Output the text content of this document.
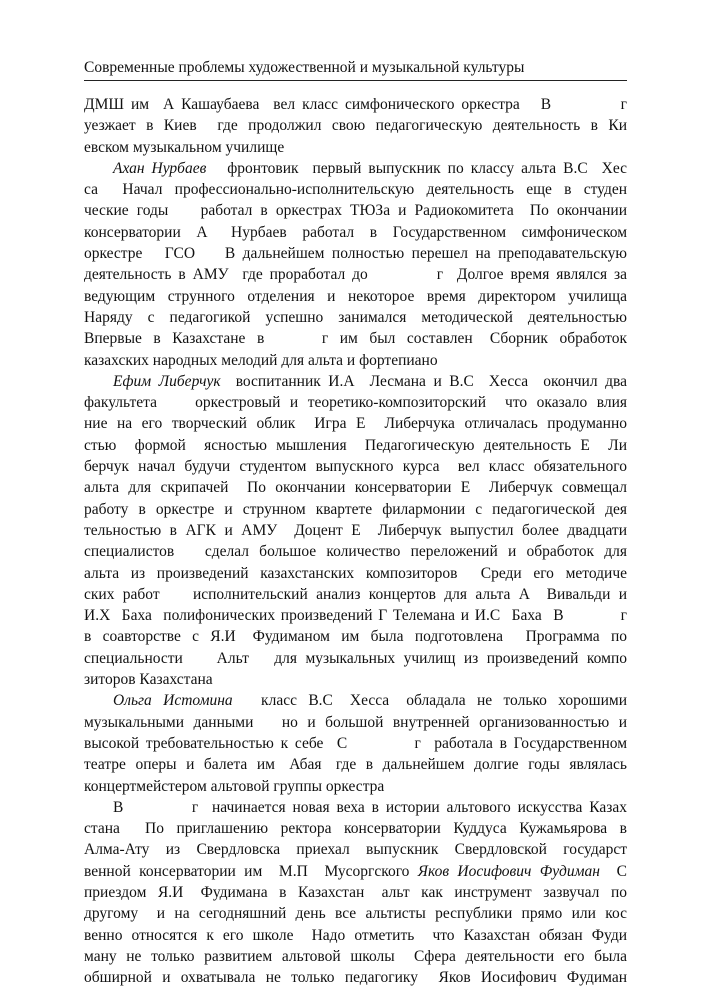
Современные проблемы художественной и музыкальной культуры
ДМШ им  А Кашаубаева  вел класс симфонического оркестра   В          г
уезжает в Киев  где продолжил свою педагогическую деятельность в Ки
евском музыкальном училище
Ахан Нурбаев   фронтовик  первый выпускник по классу альта В.С  Хес
са  Начал профессионально-исполнительскую деятельность еще в студен
ческие годы    работал в оркестрах ТЮЗа и Радиокомитета  По окончании
консерватории  А   Нурбаев  работал  в  Государственном  симфоническом
оркестре   ГСО    В дальнейшем полностью перешел на преподавательскую
деятельность в АМУ  где проработал до          г  Долгое время являлся за
ведующим струнного отделения и некоторое время директором училища
Наряду  с  педагогикой  успешно  занимался  методической  деятельностью
Впервые  в  Казахстане  в          г  им  был  составлен   Сборник  обработок
казахских народных мелодий для альта и фортепиано
Ефим Либерчук  воспитанник И.А  Лесмана и В.С  Хесса  окончил два
факультета    оркестровый и теоретико-композиторский  что оказало влия
ние на его творческий облик  Игра Е  Либерчука отличалась продуманно
стью  формой  ясностью мышления  Педагогическую деятельность Е  Ли
берчук начал будучи студентом выпускного курса  вел класс обязательного
альта для скрипачей  По окончании консерватории Е  Либерчук совмещал
работу в оркестре и струнном квартете филармонии с педагогической дея
тельностью в АГК и АМУ  Доцент Е  Либерчук выпустил более двадцати
специалистов   сделал большое количество переложений и обработок для
альта из произведений казахстанских композиторов  Среди его методиче
ских работ    исполнительский анализ концертов для альта А  Вивальди и
И.Х  Баха  полифонических произведений Г Телемана и И.С  Баха  В          г
в  соавторстве  с  Я.И   Фудиманом  им  была  подготовлена    Программа  по
специальности    Альт   для музыкальных училищ из произведений компо
зиторов Казахстана
Ольга  Истомина     класс  В.С   Хесса   обладала  не  только  хорошими
музыкальными данными   но и большой внутренней организованностью и
высокой требовательностью к себе  С          г  работала в Государственном
театре  оперы  и  балета  им   Абая   где  в  дальнейшем  долгие  годы  являлась
концертмейстером альтовой группы оркестра
В          г  начинается новая веха в истории альтового искусства Казах
стана  По приглашению ректора консерватории Куддуса Кужамьярова в
Алма-Ату  из  Свердловска  приехал  выпускник  Свердловской  государст
венной консерватории им  М.П  Мусоргского Яков Иосифович Фудиман  С
приездом  Я.И   Фудимана  в  Казахстан   альт  как  инструмент  зазвучал  по
другому  и на сегодняшний день все альтисты республики прямо или кос
венно относятся к его школе  Надо отметить  что Казахстан обязан Фуди
ману не только развитием альтовой школы  Сфера деятельности его была
обширной и охватывала не только педагогику  Яков Иосифович Фудиман
